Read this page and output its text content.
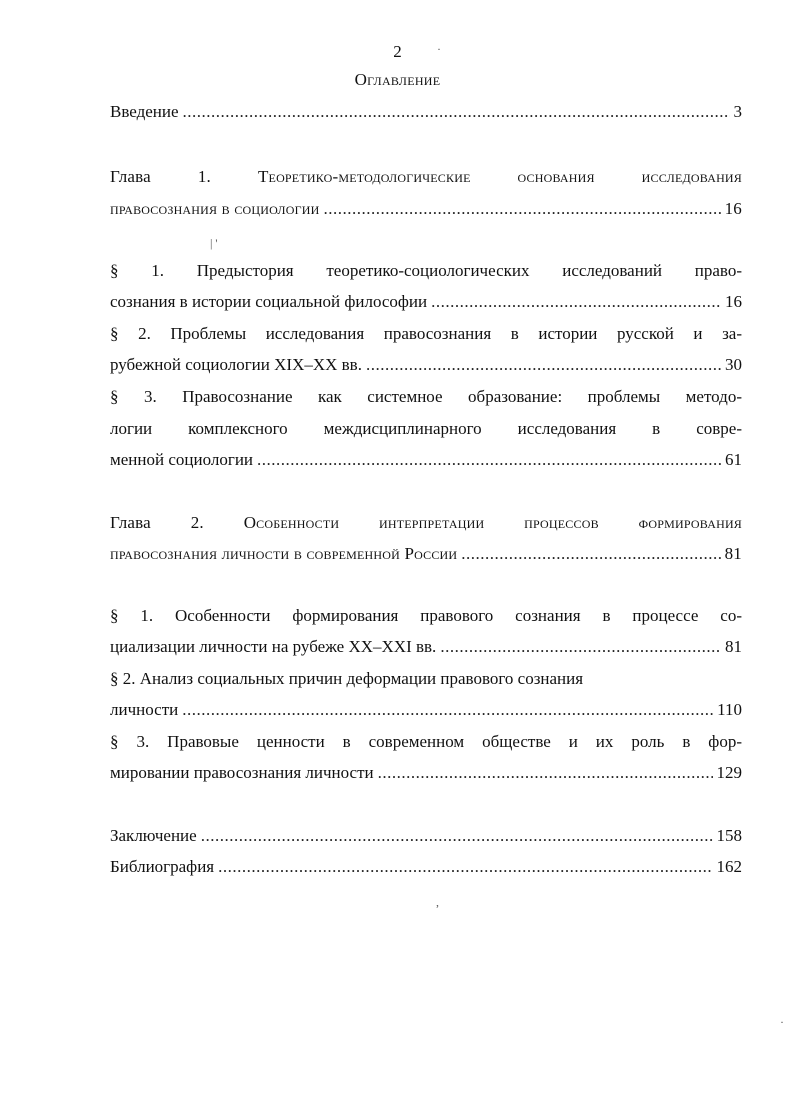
2	·
Оглавление
Введение .....	3
Глава 1.	Теоретико-методологические основания исследования
правосознания в социологии .....	16
| '
§ 1. Предыстория теоретико-социологических исследований право-
сознания в истории социальной философии .....	16
§ 2. Проблемы исследования правосознания в истории русской и за-
рубежной социологии XIX–XX вв. .....	30
§ 3. Правосознание как системное образование: проблемы методо-
логии комплексного междисциплинарного исследования в совре-
менной социологии .....	61
Глава 2. Особенности интерпретации процессов формирования
правосознания личности в современной России .....	81
§ 1. Особенности формирования правового сознания в процессе со-
циализации личности на рубеже XX–XXI вв. .....	81
§ 2. Анализ социальных причин деформации правового сознания
личности .....	110
§ 3. Правовые ценности в современном обществе и их роль в фор-
мировании правосознания личности .....	129
Заключение .....	158
Библиография .....	162
,
·
